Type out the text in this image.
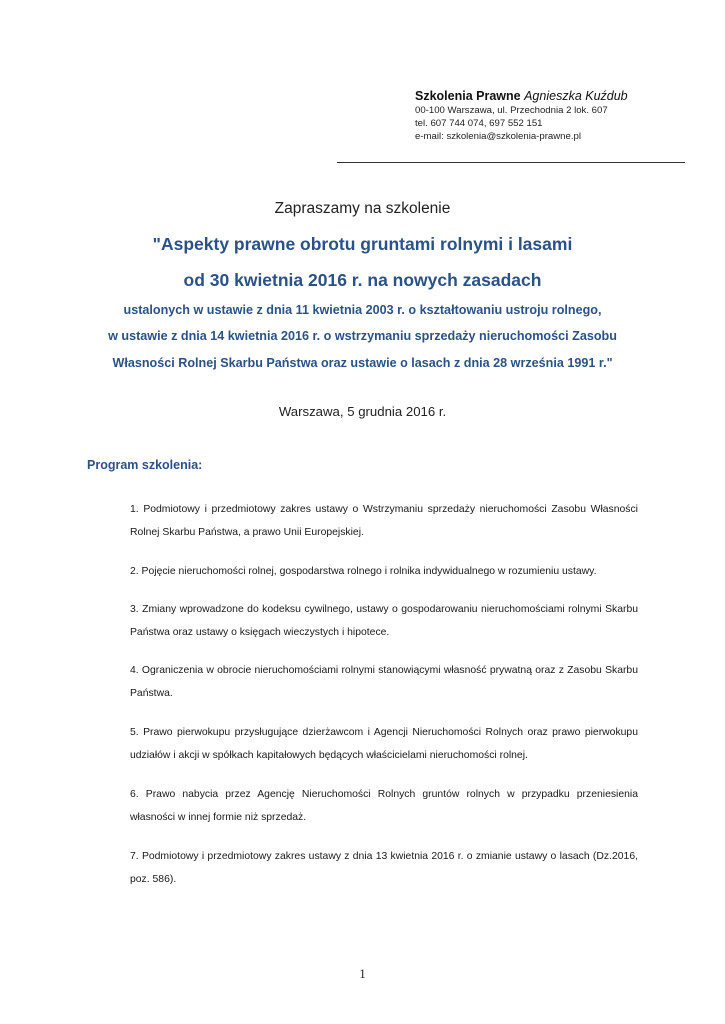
Szkolenia Prawne Agnieszka Kuźdub
00-100 Warszawa, ul. Przechodnia 2 lok. 607
tel. 607 744 074, 697 552 151
e-mail: szkolenia@szkolenia-prawne.pl
Zapraszamy na szkolenie
"Aspekty prawne obrotu gruntami rolnymi i lasami
od 30 kwietnia 2016 r. na nowych zasadach
ustalonych w ustawie z dnia 11 kwietnia 2003 r. o kształtowaniu ustroju rolnego,
w ustawie z dnia 14 kwietnia 2016 r. o wstrzymaniu sprzedaży nieruchomości Zasobu
Własności Rolnej Skarbu Państwa oraz ustawie o lasach z dnia 28 września 1991 r."
Warszawa, 5 grudnia 2016 r.
Program szkolenia:
1. Podmiotowy i przedmiotowy zakres ustawy o Wstrzymaniu sprzedaży nieruchomości Zasobu Własności Rolnej Skarbu Państwa, a prawo Unii Europejskiej.
2. Pojęcie nieruchomości rolnej, gospodarstwa rolnego i rolnika indywidualnego w rozumieniu ustawy.
3. Zmiany wprowadzone do kodeksu cywilnego, ustawy o gospodarowaniu nieruchomościami rolnymi Skarbu Państwa oraz ustawy o księgach wieczystych i hipotece.
4. Ograniczenia w obrocie nieruchomościami rolnymi stanowiącymi własność prywatną oraz z Zasobu Skarbu Państwa.
5. Prawo pierwokupu przysługujące dzierżawcom i Agencji Nieruchomości Rolnych oraz prawo pierwokupu udziałów i akcji w spółkach kapitałowych będących właścicielami nieruchomości rolnej.
6. Prawo nabycia przez Agencję Nieruchomości Rolnych gruntów rolnych w przypadku przeniesienia własności w innej formie niż sprzedaż.
7. Podmiotowy i przedmiotowy zakres ustawy z dnia 13 kwietnia 2016 r. o zmianie ustawy o lasach (Dz.2016, poz. 586).
1
